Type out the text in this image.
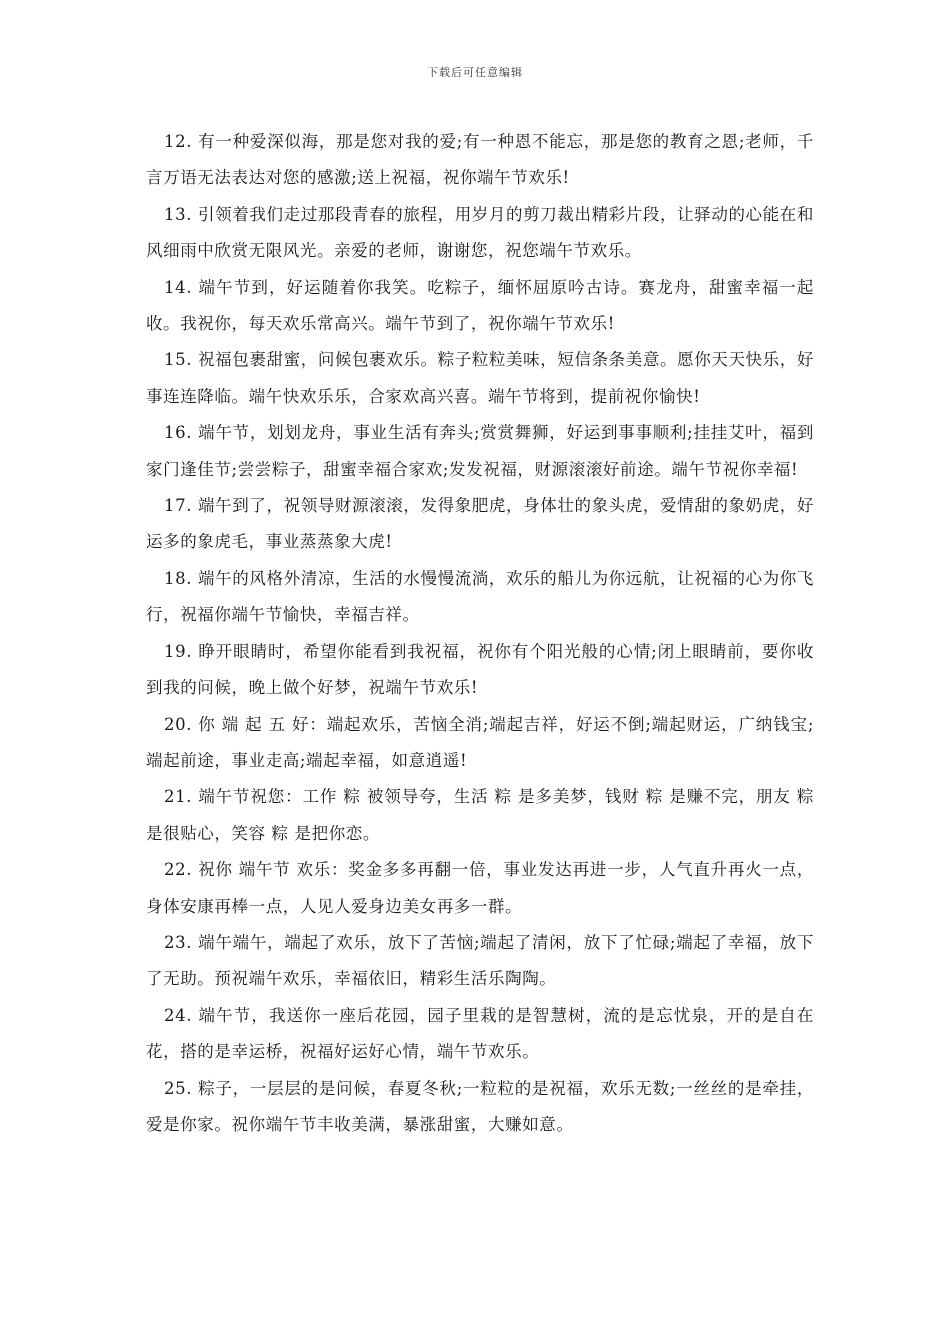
下载后可任意编辑

12. 有一种爱深似海，那是您对我的爱;有一种恩不能忘，那是您的教育之恩;老师，千言万语无法表达对您的感激;送上祝福，祝你端午节欢乐!

13. 引领着我们走过那段青春的旅程，用岁月的剪刀裁出精彩片段，让驿动的心能在和风细雨中欣赏无限风光。亲爱的老师，谢谢您，祝您端午节欢乐。

14. 端午节到，好运随着你我笑。吃粽子，缅怀屈原吟古诗。赛龙舟，甜蜜幸福一起收。我祝你，每天欢乐常高兴。端午节到了，祝你端午节欢乐!

15. 祝福包裹甜蜜，问候包裹欢乐。粽子粒粒美味，短信条条美意。愿你天天快乐，好事连连降临。端午快欢乐乐，合家欢高兴喜。端午节将到，提前祝你愉快!

16. 端午节，划划龙舟，事业生活有奔头;赏赏舞狮，好运到事事顺利;挂挂艾叶，福到家门逢佳节;尝尝粽子，甜蜜幸福合家欢;发发祝福，财源滚滚好前途。端午节祝你幸福!

17. 端午到了，祝领导财源滚滚，发得象肥虎，身体壮的象头虎，爱情甜的象奶虎，好运多的象虎毛，事业蒸蒸象大虎!

18. 端午的风格外清凉，生活的水慢慢流淌，欢乐的船儿为你远航，让祝福的心为你飞行，祝福你端午节愉快，幸福吉祥。

19. 睁开眼睛时，希望你能看到我祝福，祝你有个阳光般的心情;闭上眼睛前，要你收到我的问候，晚上做个好梦，祝端午节欢乐!

20. 你 端 起 五 好：端起欢乐，苦恼全消;端起吉祥，好运不倒;端起财运，广纳钱宝;端起前途，事业走高;端起幸福，如意逍遥!

21. 端午节祝您：工作 粽 被领导夸，生活 粽 是多美梦，钱财 粽 是赚不完，朋友 粽 是很贴心，笑容 粽 是把你恋。

22. 祝你 端午节 欢乐：奖金多多再翻一倍，事业发达再进一步，人气直升再火一点，身体安康再棒一点，人见人爱身边美女再多一群。

23. 端午端午，端起了欢乐，放下了苦恼;端起了清闲，放下了忙碌;端起了幸福，放下了无助。预祝端午欢乐，幸福依旧，精彩生活乐陶陶。

24. 端午节，我送你一座后花园，园子里栽的是智慧树，流的是忘忧泉，开的是自在花，搭的是幸运桥，祝福好运好心情，端午节欢乐。

25. 粽子，一层层的是问候，春夏冬秋;一粒粒的是祝福，欢乐无数;一丝丝的是牵挂，爱是你家。祝你端午节丰收美满，暴涨甜蜜，大赚如意。
